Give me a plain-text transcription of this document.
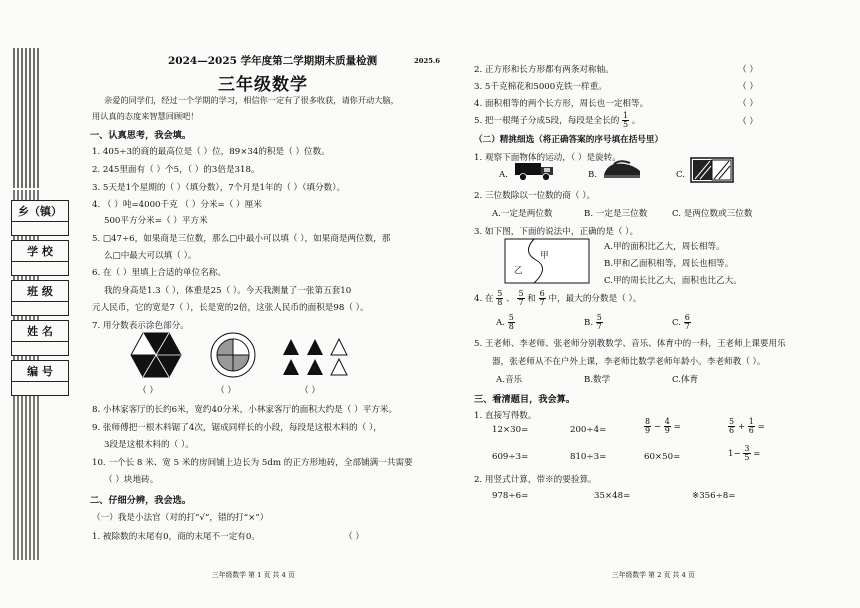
乡（镇）
学 校
班 级
姓 名
编 号
2024—2025 学年度第二学期期末质量检测	2025.6
三年级数学
亲爱的同学们，经过一个学期的学习，相信你一定有了很多收获，请你开动大脑，
用认真的态度来智慧回顾吧！
一、认真思考，我会填。
1. 405÷3的商的最高位是（ ）位，89×34的积是（ ）位数。
2. 245里面有（ ）个5，（ ）的3倍是318。
3. 5天是1个星期的（ ）（填分数），7个月是1年的（ ）（填分数）。
4. （ ）吨=4000千克 （ ）分米=（ ）厘米
500平方分米=（ ）平方米
5. □47÷6，如果商是三位数，那么□中最小可以填（ ），如果商是两位数，那
么□中最大可以填（ ）。
6. 在（ ）里填上合适的单位名称。
我的身高是1.3（ ），体重是25（ ）。今天我测量了一张第五套10
元人民币，它的宽是7（ ），长是宽的2倍，这张人民币的面积是98（ ）。
7. 用分数表示涂色部分。
（ ）	（ ）	（ ）
8. 小林家客厅的长约6米，宽约40分米，小林家客厅的面积大约是（ ）平方米。
9. 张师傅把一根木料锯了4次，锯成同样长的小段，每段是这根木料的（ ），
3段是这根木料的（ ）。
10. 一个长 8 米、宽 5 米的房间铺上边长为 5dm 的正方形地砖，全部铺满一共需要
（ ）块地砖。
二、仔细分辨，我会选。
（一）我是小法官（对的打“√”，错的打“×”）
1. 被除数的末尾有0，商的末尾不一定有0。	（ ）
三年级数学 第 1 页 共 4 页
2. 正方形和长方形都有两条对称轴。	（ ）
3. 5千克棉花和5000克铁一样重。	（ ）
4. 面积相等的两个长方形，周长也一定相等。	（ ）
5. 把一根绳子分成5段，每段是全长的 $\frac{1}{5}$ 。	（ ）
（二）精挑细选（将正确答案的序号填在括号里）
1. 观察下面物体的运动，（ ）是旋转。
A.	B.	C.
2. 三位数除以一位数的商（ ）。
A.一定是两位数	B. 一定是三位数	C. 是两位数或三位数
3. 如下图，下面的说法中，正确的是（ ）。
甲
乙
A.甲的面积比乙大，周长相等。
B.甲和乙面积相等，周长也相等。
C.甲的周长比乙大，面积也比乙大。
4. 在 $\frac{5}{8}$ 、 $\frac{5}{7}$ 和 $\frac{6}{7}$ 中，最大的分数是（ ）。
A. $\frac{5}{8}$	B. $\frac{5}{7}$	C. $\frac{6}{7}$
5. 王老师、李老师、张老师分别教数学、音乐、体育中的一科，王老师上课要用乐
器，张老师从不在户外上课，李老师比数学老师年龄小。李老师教（ ）。
A.音乐	B.数学	C.体育
三、看清题目，我会算。
1. 直接写得数。
12×30=	200÷4=	$\frac{8}{9} - \frac{4}{9}$ =	$\frac{5}{6} + \frac{1}{6}$ =
609÷3=	810÷3=	60×50=	$1- \frac{3}{5}$ =
2. 用竖式计算，带※的要验算。
978÷6=	35×48=	※356÷8=
三年级数学 第 2 页 共 4 页
